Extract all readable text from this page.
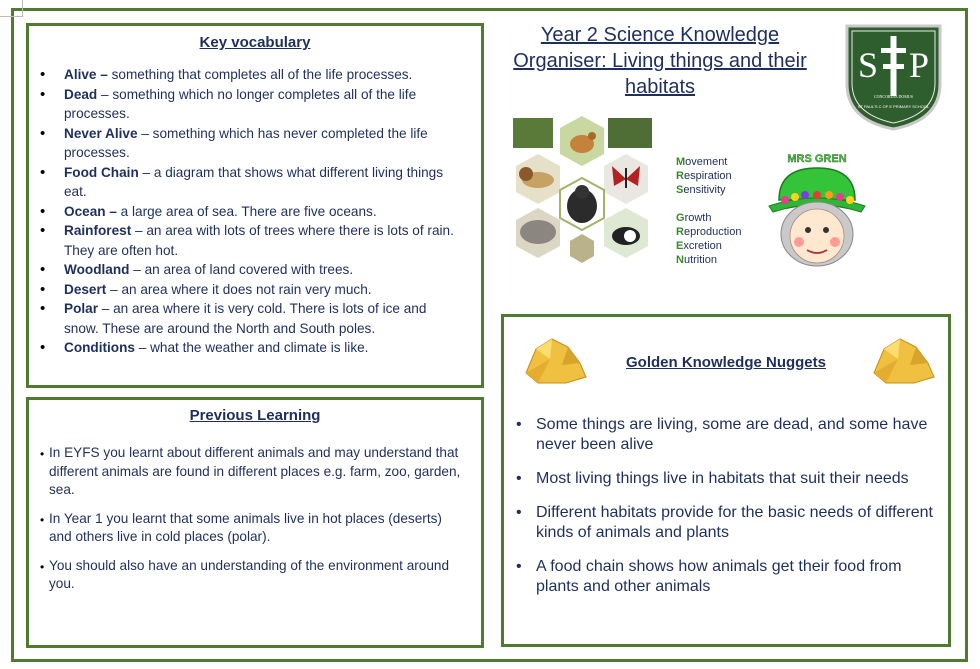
Key vocabulary
• Alive – something that completes all of the life processes.
• Dead – something which no longer completes all of the life processes.
• Never Alive – something which has never completed the life processes.
• Food Chain – a diagram that shows what different living things eat.
• Ocean – a large area of sea. There are five oceans.
• Rainforest – an area with lots of trees where there is lots of rain. They are often hot.
• Woodland – an area of land covered with trees.
• Desert – an area where it does not rain very much.
• Polar – an area where it is very cold. There is lots of ice and snow. These are around the North and South poles.
• Conditions – what the weather and climate is like.
Previous Learning
• In EYFS you learnt about different animals and may understand that different animals are found in different places e.g. farm, zoo, garden, sea.
• In Year 1 you learnt that some animals live in hot places (deserts) and others live in cold places (polar).
• You should also have an understanding of the environment around you.
Year 2 Science Knowledge Organiser: Living things and their habitats
S P
CONCORDIA DOMUS
ST PAUL'S C OF E PRIMARY SCHOOL
Movement
Respiration
Sensitivity
Growth
Reproduction
Excretion
Nutrition
MRS GREN
Golden Knowledge Nuggets
• Some things are living, some are dead, and some have never been alive
• Most living things live in habitats that suit their needs
• Different habitats provide for the basic needs of different kinds of animals and plants
• A food chain shows how animals get their food from plants and other animals
